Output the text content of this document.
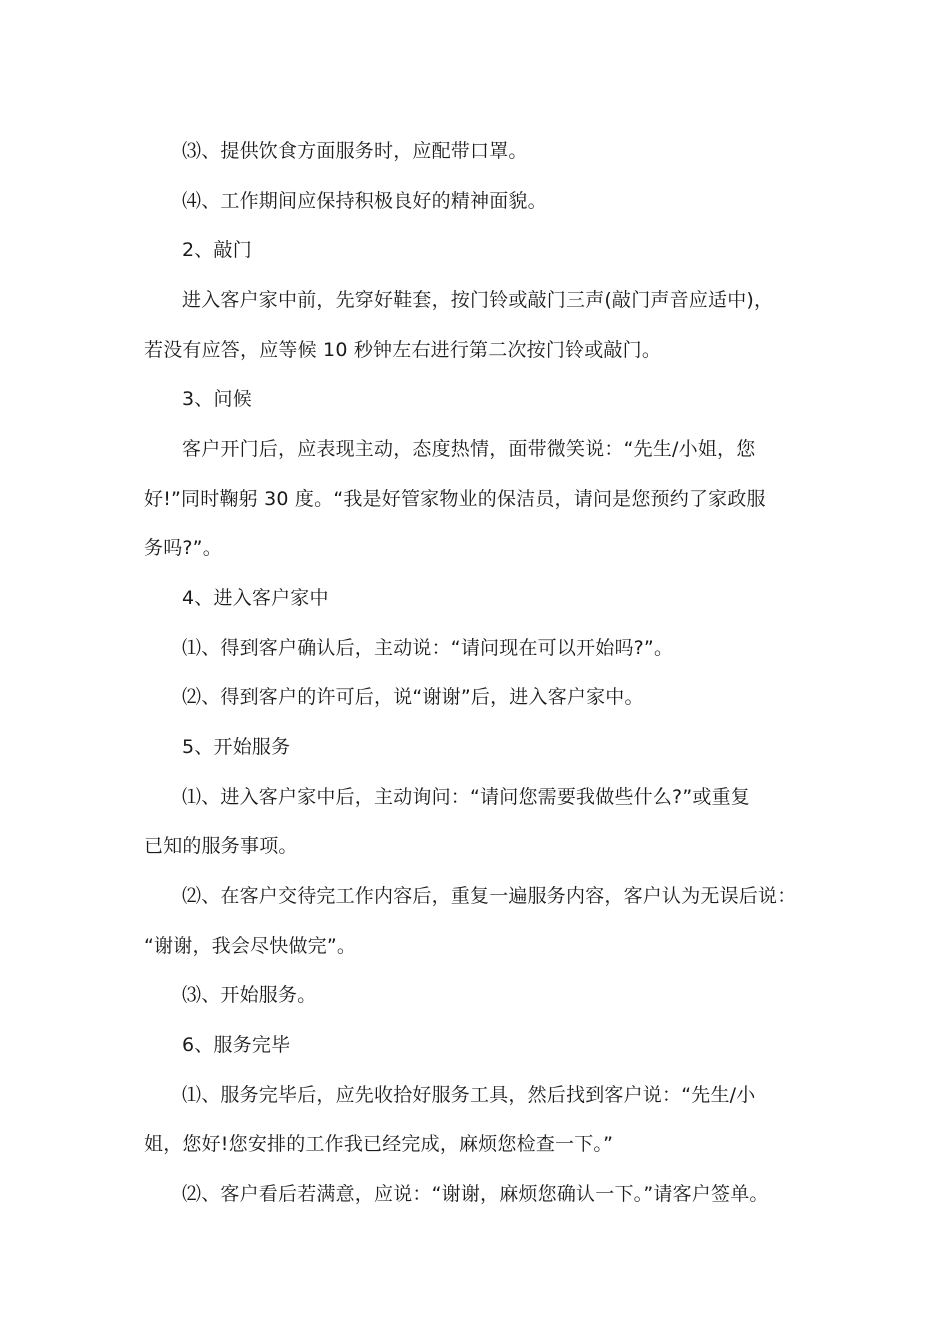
⑶、提供饮食方面服务时，应配带口罩。
⑷、工作期间应保持积极良好的精神面貌。
2、敲门
进入客户家中前，先穿好鞋套，按门铃或敲门三声(敲门声音应适中)，
若没有应答，应等候 10 秒钟左右进行第二次按门铃或敲门。
3、问候
客户开门后，应表现主动，态度热情，面带微笑说：“先生/小姐，您
好!”同时鞠躬 30 度。“我是好管家物业的保洁员，请问是您预约了家政服
务吗?”。
4、进入客户家中
⑴、得到客户确认后，主动说：“请问现在可以开始吗?”。
⑵、得到客户的许可后，说“谢谢”后，进入客户家中。
5、开始服务
⑴、进入客户家中后，主动询问：“请问您需要我做些什么?”或重复
已知的服务事项。
⑵、在客户交待完工作内容后，重复一遍服务内容，客户认为无误后说：
“谢谢，我会尽快做完”。
⑶、开始服务。
6、服务完毕
⑴、服务完毕后，应先收拾好服务工具，然后找到客户说：“先生/小
姐，您好!您安排的工作我已经完成，麻烦您检查一下。”
⑵、客户看后若满意，应说：“谢谢，麻烦您确认一下。”请客户签单。
